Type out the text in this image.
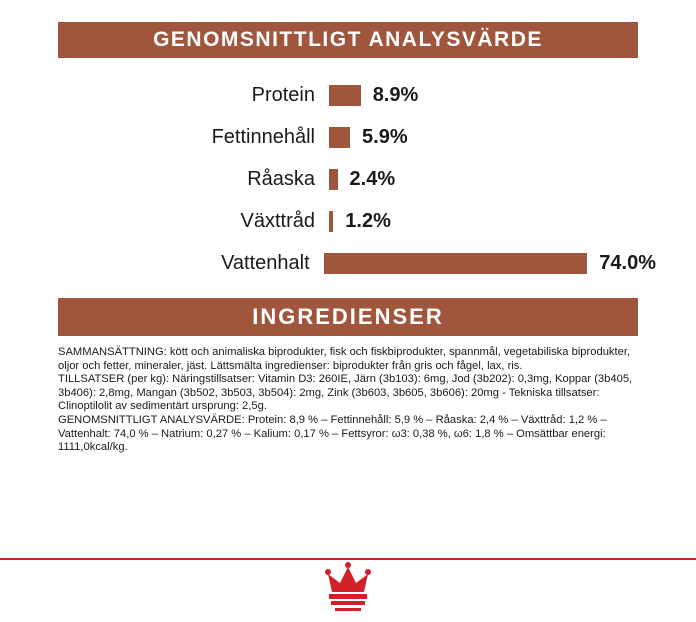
GENOMSNITTLIGT ANALYSVÄRDE
Protein	8.9%
Fettinnehåll	5.9%
Råaska	2.4%
Växttråd	1.2%
Vattenhalt	74.0%
INGREDIENSER

SAMMANSÄTTNING: kött och animaliska biprodukter, fisk och fiskbiprodukter, spannmål, vegetabiliska biprodukter, oljor och fetter, mineraler, jäst. Lättsmälta ingredienser: biprodukter från gris och fågel, lax, ris.

TILLSATSER (per kg): Näringstillsatser: Vitamin D3: 260IE, Järn (3b103): 6mg, Jod (3b202): 0,3mg, Koppar (3b405, 3b406): 2,8mg, Mangan (3b502, 3b503, 3b504): 2mg, Zink (3b603, 3b605, 3b606): 20mg - Tekniska tillsatser: Clinoptilolit av sedimentärt ursprung: 2,5g.

GENOMSNITTLIGT ANALYSVÄRDE: Protein: 8,9 % – Fettinnehåll: 5,9 % – Råaska: 2,4 % – Växttråd: 1,2 % – Vattenhalt: 74,0 % – Natrium: 0,27 % – Kalium: 0,17 % – Fettsyror: ω3: 0,38 %, ω6: 1,8 % – Omsättbar energi: 1111,0kcal/kg.
